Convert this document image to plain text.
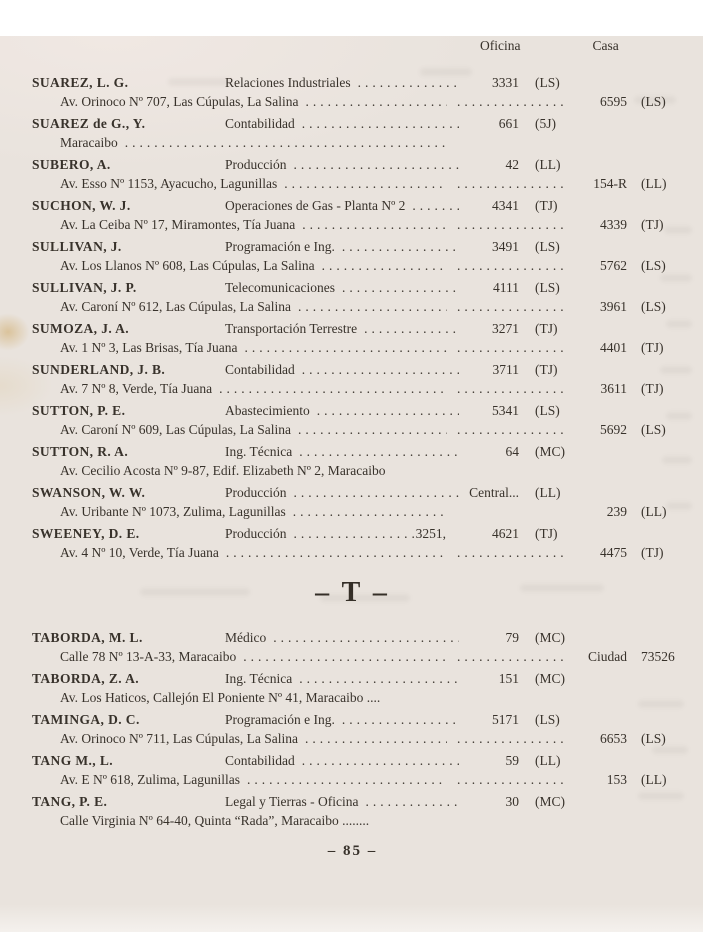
Oficina	Casa
SUAREZ, L. G.	Relaciones Industriales .....	3331	(LS)
Av. Orinoco Nº 707, Las Cúpulas, La Salina ..... .....	6595	(LS)
SUAREZ de G., Y.	Contabilidad .....	661	(5J)
Maracaibo
.....
SUBERO, A.	Producción .....	42	(LL)
Av. Esso Nº 1153, Ayacucho, Lagunillas ..... .....	154-R	(LL)
SUCHON, W. J.	Operaciones de Gas - Planta Nº 2 .....	4341	(TJ)
Av. La Ceiba Nº 17, Miramontes, Tía Juana ..... .....	4339	(TJ)
SULLIVAN, J.	Programación e Ing. .....	3491	(LS)
Av. Los Llanos Nº 608, Las Cúpulas, La Salina ..... .....	5762	(LS)
SULLIVAN, J. P.	Telecomunicaciones .....	4111	(LS)
Av. Caroní Nº 612, Las Cúpulas, La Salina ..... .....	3961	(LS)
SUMOZA, J. A.	Transportación Terrestre .....	3271	(TJ)
Av. 1 Nº 3, Las Brisas, Tía Juana ..... .....	4401	(TJ)
SUNDERLAND, J. B.	Contabilidad .....	3711	(TJ)
Av. 7 Nº 8, Verde, Tía Juana ..... .....	3611	(TJ)
SUTTON, P. E.	Abastecimiento .....	5341	(LS)
Av. Caroní Nº 609, Las Cúpulas, La Salina ..... .....	5692	(LS)
SUTTON, R. A.	Ing. Técnica .....	64	(MC)
Av. Cecilio Acosta Nº 9-87, Edif. Elizabeth Nº 2, Maracaibo
SWANSON, W. W.	Producción .....	Central...	(LL)
Av. Uribante Nº 1073, Zulima, Lagunillas .....	239	(LL)
SWEENEY, D. E.	Producción .....	3251,	4621	(TJ)
Av. 4 Nº 10, Verde, Tía Juana ..... .....	4475	(TJ)
– T –
TABORDA, M. L.	Médico .....	79	(MC)
Calle 78 Nº 13-A-33, Maracaibo ..... .....	Ciudad	73526
TABORDA, Z. A.	Ing. Técnica .....	151	(MC)
Av. Los Haticos, Callejón El Poniente Nº 41, Maracaibo ....
TAMINGA, D. C.	Programación e Ing. .....	5171	(LS)
Av. Orinoco Nº 711, Las Cúpulas, La Salina ..... .....	6653	(LS)
TANG M., L.	Contabilidad .....	59	(LL)
Av. E Nº 618, Zulima, Lagunillas ..... .....	153	(LL)
TANG, P. E.	Legal y Tierras - Oficina .....	30	(MC)
Calle Virginia Nº 64-40, Quinta “Rada”, Maracaibo ........
– 85 –
